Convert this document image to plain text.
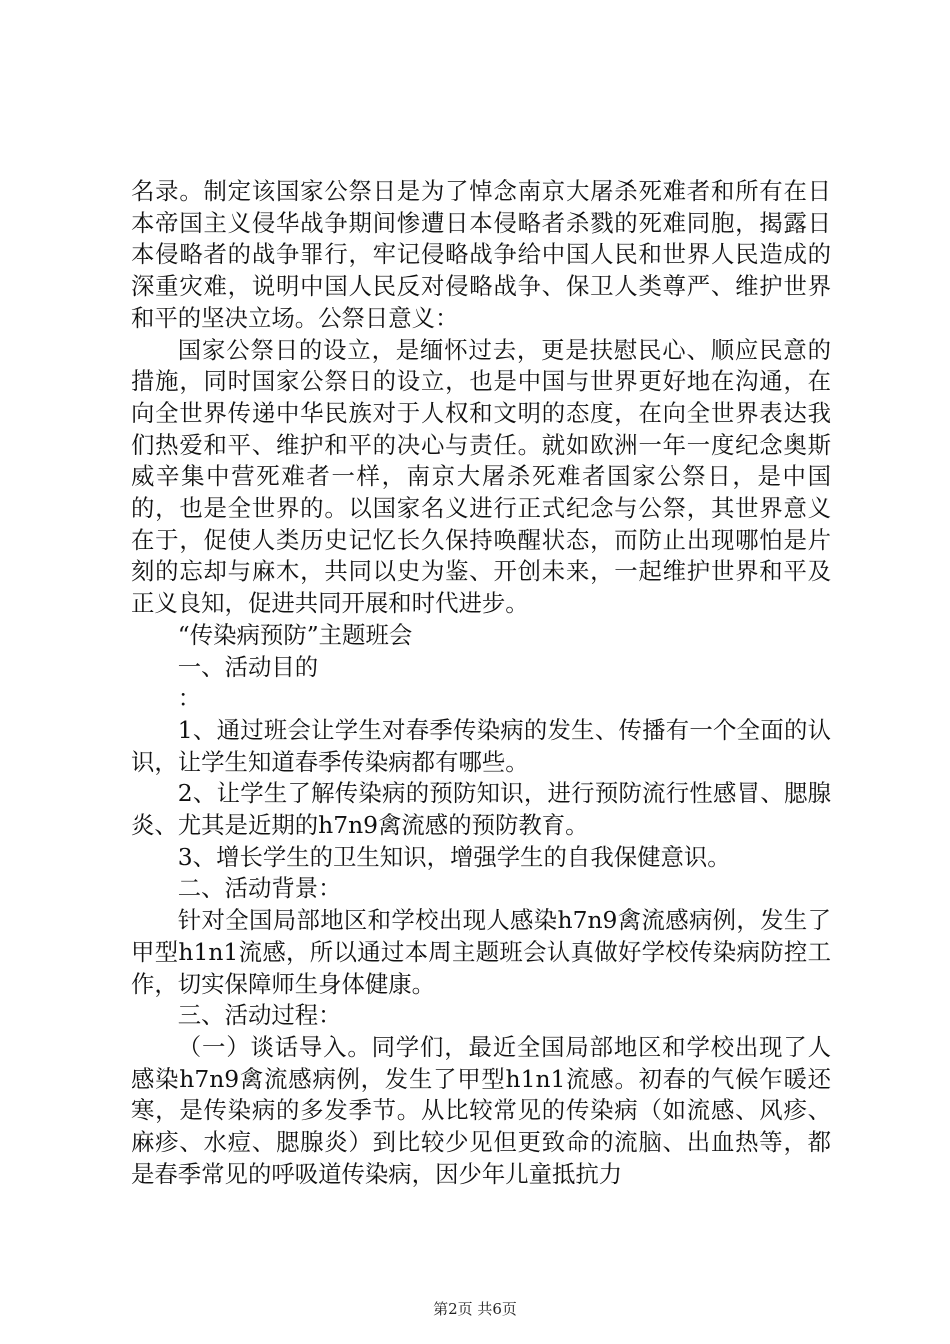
名录。制定该国家公祭日是为了悼念南京大屠杀死难者和所有在日本帝国主义侵华战争期间惨遭日本侵略者杀戮的死难同胞，揭露日本侵略者的战争罪行，牢记侵略战争给中国人民和世界人民造成的深重灾难，说明中国人民反对侵略战争、保卫人类尊严、维护世界和平的坚决立场。公祭日意义：

国家公祭日的设立，是缅怀过去，更是扶慰民心、顺应民意的措施，同时国家公祭日的设立，也是中国与世界更好地在沟通，在向全世界传递中华民族对于人权和文明的态度，在向全世界表达我们热爱和平、维护和平的决心与责任。就如欧洲一年一度纪念奥斯威辛集中营死难者一样，南京大屠杀死难者国家公祭日，是中国的，也是全世界的。以国家名义进行正式纪念与公祭，其世界意义在于，促使人类历史记忆长久保持唤醒状态，而防止出现哪怕是片刻的忘却与麻木，共同以史为鉴、开创未来，一起维护世界和平及正义良知，促进共同开展和时代进步。

“传染病预防”主题班会

一、活动目的

：

1、通过班会让学生对春季传染病的发生、传播有一个全面的认识，让学生知道春季传染病都有哪些。

2、让学生了解传染病的预防知识，进行预防流行性感冒、腮腺炎、尤其是近期的h7n9禽流感的预防教育。

3、增长学生的卫生知识，增强学生的自我保健意识。

二、活动背景：

针对全国局部地区和学校出现人感染h7n9禽流感病例，发生了甲型h1n1流感，所以通过本周主题班会认真做好学校传染病防控工作，切实保障师生身体健康。

三、活动过程：

（一）谈话导入。同学们，最近全国局部地区和学校出现了人感染h7n9禽流感病例，发生了甲型h1n1流感。初春的气候乍暖还寒，是传染病的多发季节。从比较常见的传染病（如流感、风疹、麻疹、水痘、腮腺炎）到比较少见但更致命的流脑、出血热等，都是春季常见的呼吸道传染病，因少年儿童抵抗力

第2页 共6页
